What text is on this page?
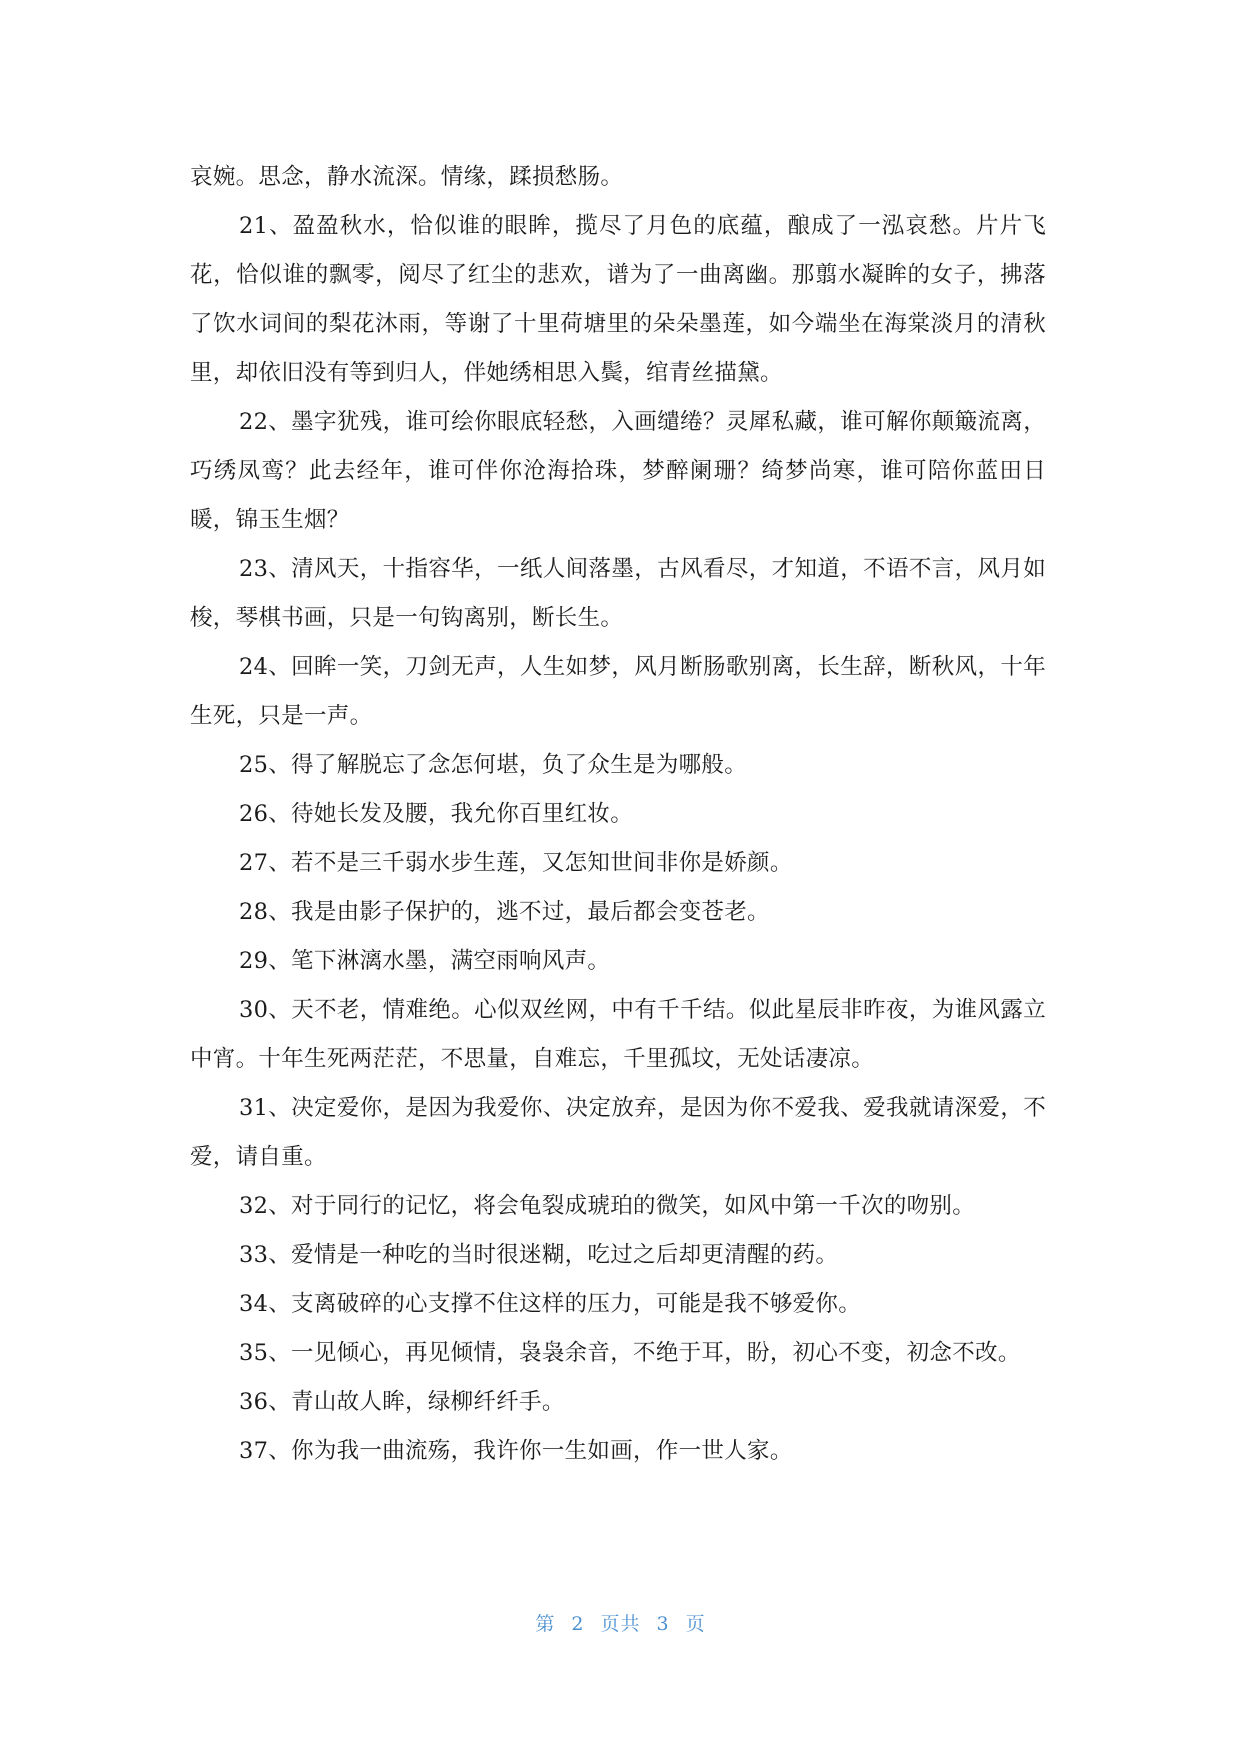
哀婉。思念，静水流深。情缘，蹂损愁肠。

21、盈盈秋水，恰似谁的眼眸，揽尽了月色的底蕴，酿成了一泓哀愁。片片飞花，恰似谁的飘零，阅尽了红尘的悲欢，谱为了一曲离幽。那翦水凝眸的女子，拂落了饮水词间的梨花沐雨，等谢了十里荷塘里的朵朵墨莲，如今端坐在海棠淡月的清秋里，却依旧没有等到归人，伴她绣相思入鬓，绾青丝描黛。

22、墨字犹残，谁可绘你眼底轻愁，入画缱绻？灵犀私藏，谁可解你颠簸流离，巧绣凤鸾？此去经年，谁可伴你沧海拾珠，梦醉阑珊？绮梦尚寒，谁可陪你蓝田日暖，锦玉生烟？

23、清风天，十指容华，一纸人间落墨，古风看尽，才知道，不语不言，风月如梭，琴棋书画，只是一句钩离别，断长生。

24、回眸一笑，刀剑无声，人生如梦，风月断肠歌别离，长生辞，断秋风，十年生死，只是一声。

25、得了解脱忘了念怎何堪，负了众生是为哪般。

26、待她长发及腰，我允你百里红妆。

27、若不是三千弱水步生莲，又怎知世间非你是娇颜。

28、我是由影子保护的，逃不过，最后都会变苍老。

29、笔下淋漓水墨，满空雨响风声。

30、天不老，情难绝。心似双丝网，中有千千结。似此星辰非昨夜，为谁风露立中宵。十年生死两茫茫，不思量，自难忘，千里孤坟，无处话凄凉。

31、决定爱你，是因为我爱你、决定放弃，是因为你不爱我、爱我就请深爱，不爱，请自重。

32、对于同行的记忆，将会龟裂成琥珀的微笑，如风中第一千次的吻别。

33、爱情是一种吃的当时很迷糊，吃过之后却更清醒的药。

34、支离破碎的心支撑不住这样的压力，可能是我不够爱你。

35、一见倾心，再见倾情，袅袅余音，不绝于耳，盼，初心不变，初念不改。

36、青山故人眸，绿柳纤纤手。

37、你为我一曲流殇，我许你一生如画，作一世人家。

第 2 页共 3 页
